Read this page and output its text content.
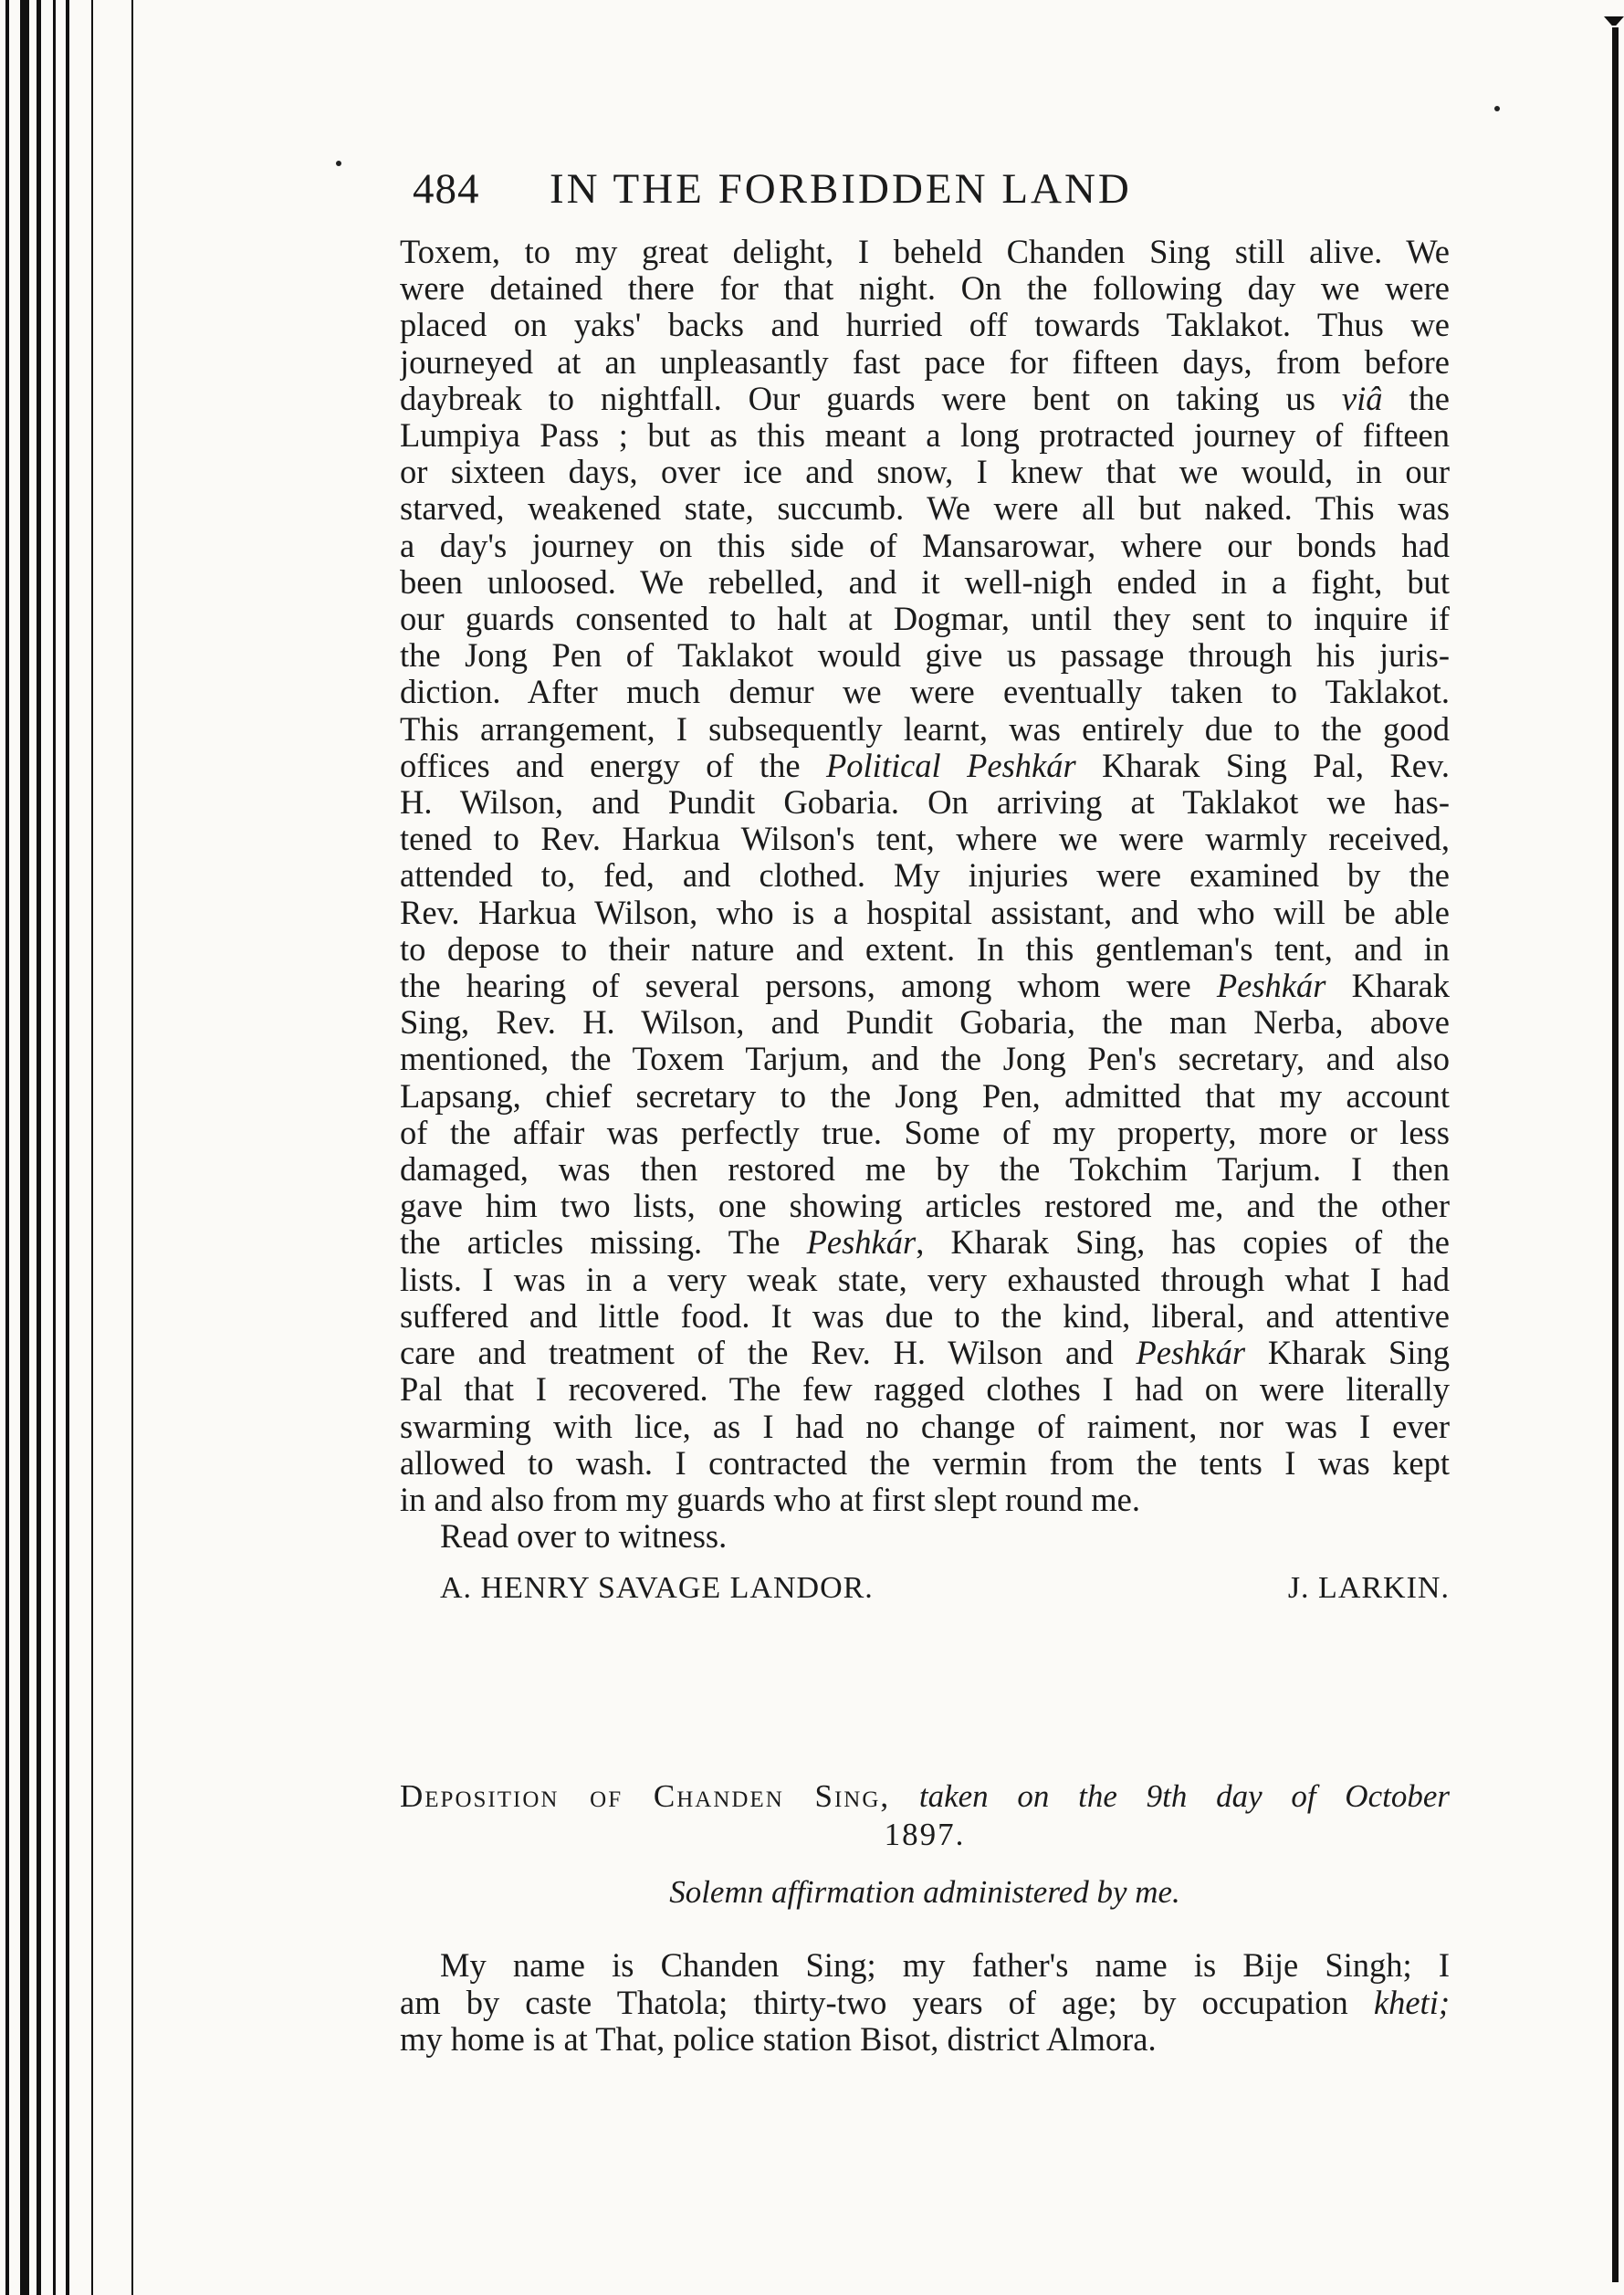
484	IN THE FORBIDDEN LAND
Toxem, to my great delight, I beheld Chanden Sing still alive. We
were detained there for that night. On the following day we were
placed on yaks' backs and hurried off towards Taklakot. Thus we
journeyed at an unpleasantly fast pace for fifteen days, from before
daybreak to nightfall. Our guards were bent on taking us viâ the
Lumpiya Pass ; but as this meant a long protracted journey of fifteen
or sixteen days, over ice and snow, I knew that we would, in our
starved, weakened state, succumb. We were all but naked. This was
a day's journey on this side of Mansarowar, where our bonds had
been unloosed. We rebelled, and it well-nigh ended in a fight, but
our guards consented to halt at Dogmar, until they sent to inquire if
the Jong Pen of Taklakot would give us passage through his juris-
diction. After much demur we were eventually taken to Taklakot.
This arrangement, I subsequently learnt, was entirely due to the good
offices and energy of the Political Peshkár Kharak Sing Pal, Rev.
H. Wilson, and Pundit Gobaria. On arriving at Taklakot we has-
tened to Rev. Harkua Wilson's tent, where we were warmly received,
attended to, fed, and clothed. My injuries were examined by the
Rev. Harkua Wilson, who is a hospital assistant, and who will be able
to depose to their nature and extent. In this gentleman's tent, and in
the hearing of several persons, among whom were Peshkár Kharak
Sing, Rev. H. Wilson, and Pundit Gobaria, the man Nerba, above
mentioned, the Toxem Tarjum, and the Jong Pen's secretary, and also
Lapsang, chief secretary to the Jong Pen, admitted that my account
of the affair was perfectly true. Some of my property, more or less
damaged, was then restored me by the Tokchim Tarjum. I then
gave him two lists, one showing articles restored me, and the other
the articles missing. The Peshkár, Kharak Sing, has copies of the
lists. I was in a very weak state, very exhausted through what I had
suffered and little food. It was due to the kind, liberal, and attentive
care and treatment of the Rev. H. Wilson and Peshkár Kharak Sing
Pal that I recovered. The few ragged clothes I had on were literally
swarming with lice, as I had no change of raiment, nor was I ever
allowed to wash. I contracted the vermin from the tents I was kept
in and also from my guards who at first slept round me.
Read over to witness.
A. HENRY SAVAGE LANDOR.	J. LARKIN.
Deposition of Chanden Sing, taken on the 9th day of October
1897.
Solemn affirmation administered by me.
My name is Chanden Sing; my father's name is Bije Singh; I
am by caste Thatola; thirty-two years of age; by occupation kheti;
my home is at That, police station Bisot, district Almora.
